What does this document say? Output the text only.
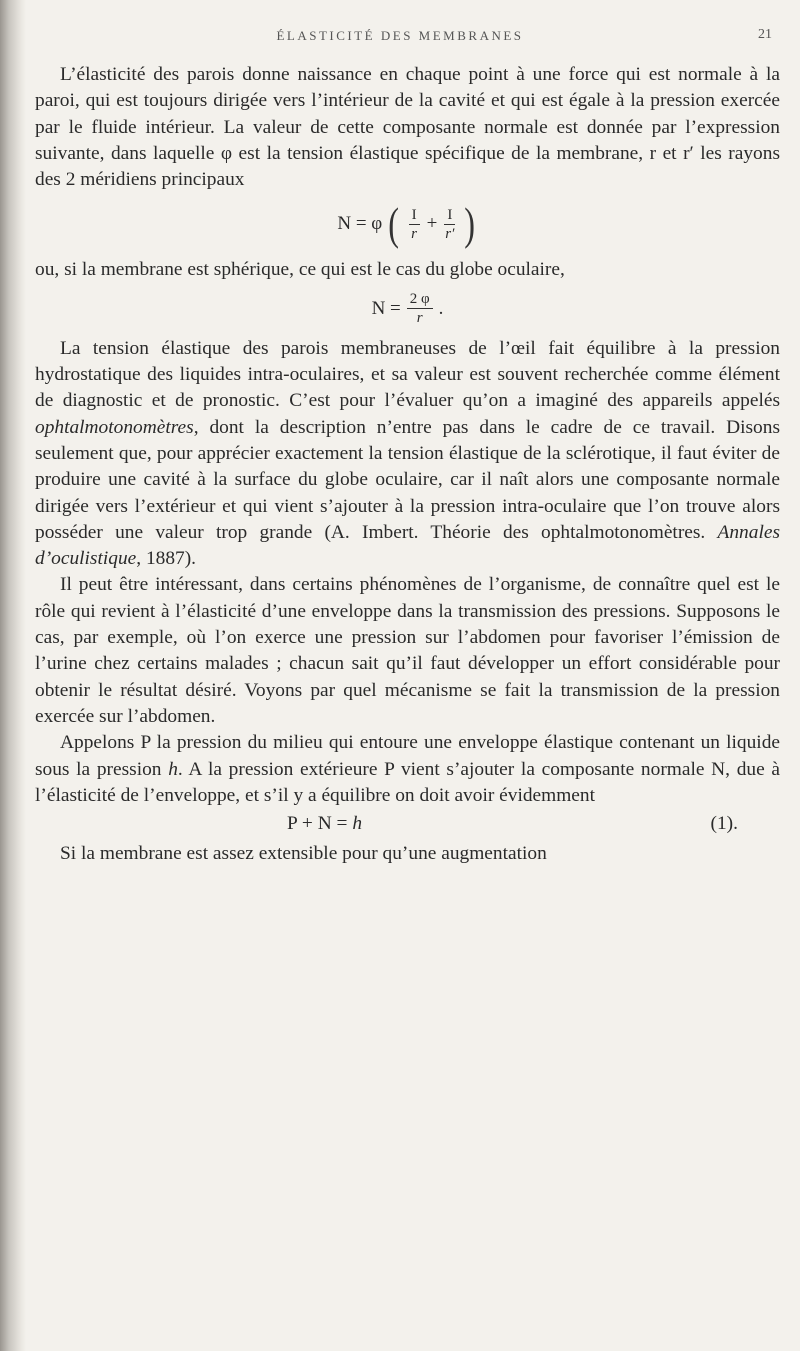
ÉLASTICITÉ DES MEMBRANES	21

L’élasticité des parois donne naissance en chaque point à une force qui est normale à la paroi, qui est toujours dirigée vers l’intérieur de la cavité et qui est égale à la pression exercée par le fluide intérieur. La valeur de cette composante normale est donnée par l’expression suivante, dans laquelle φ est la tension élastique spécifique de la membrane, r et r′ les rayons des 2 méridiens principaux

N = φ ( $\frac{I}{r} + \frac{I}{r'}$ )

ou, si la membrane est sphérique, ce qui est le cas du globe oculaire,

$N = \frac{2 \varphi}{r}$ .

La tension élastique des parois membraneuses de l’œil fait équilibre à la pression hydrostatique des liquides intra-oculaires, et sa valeur est souvent recherchée comme élément de diagnostic et de pronostic. C’est pour l’évaluer qu’on a imaginé des appareils appelés ophtalmotonomètres, dont la description n’entre pas dans le cadre de ce travail. Disons seulement que, pour apprécier exactement la tension élastique de la sclérotique, il faut éviter de produire une cavité à la surface du globe oculaire, car il naît alors une composante normale dirigée vers l’extérieur et qui vient s’ajouter à la pression intra-oculaire que l’on trouve alors posséder une valeur trop grande (A. Imbert. Théorie des ophtalmotonomètres. Annales d’oculistique, 1887).

Il peut être intéressant, dans certains phénomènes de l’organisme, de connaître quel est le rôle qui revient à l’élasticité d’une enveloppe dans la transmission des pressions. Supposons le cas, par exemple, où l’on exerce une pression sur l’abdomen pour favoriser l’émission de l’urine chez certains malades ; chacun sait qu’il faut développer un effort considérable pour obtenir le résultat désiré. Voyons par quel mécanisme se fait la transmission de la pression exercée sur l’abdomen.

Appelons P la pression du milieu qui entoure une enveloppe élastique contenant un liquide sous la pression h. A la pression extérieure P vient s’ajouter la composante normale N, due à l’élasticité de l’enveloppe, et s’il y a équilibre on doit avoir évidemment

P + N = h	(1).

Si la membrane est assez extensible pour qu’une augmentation
